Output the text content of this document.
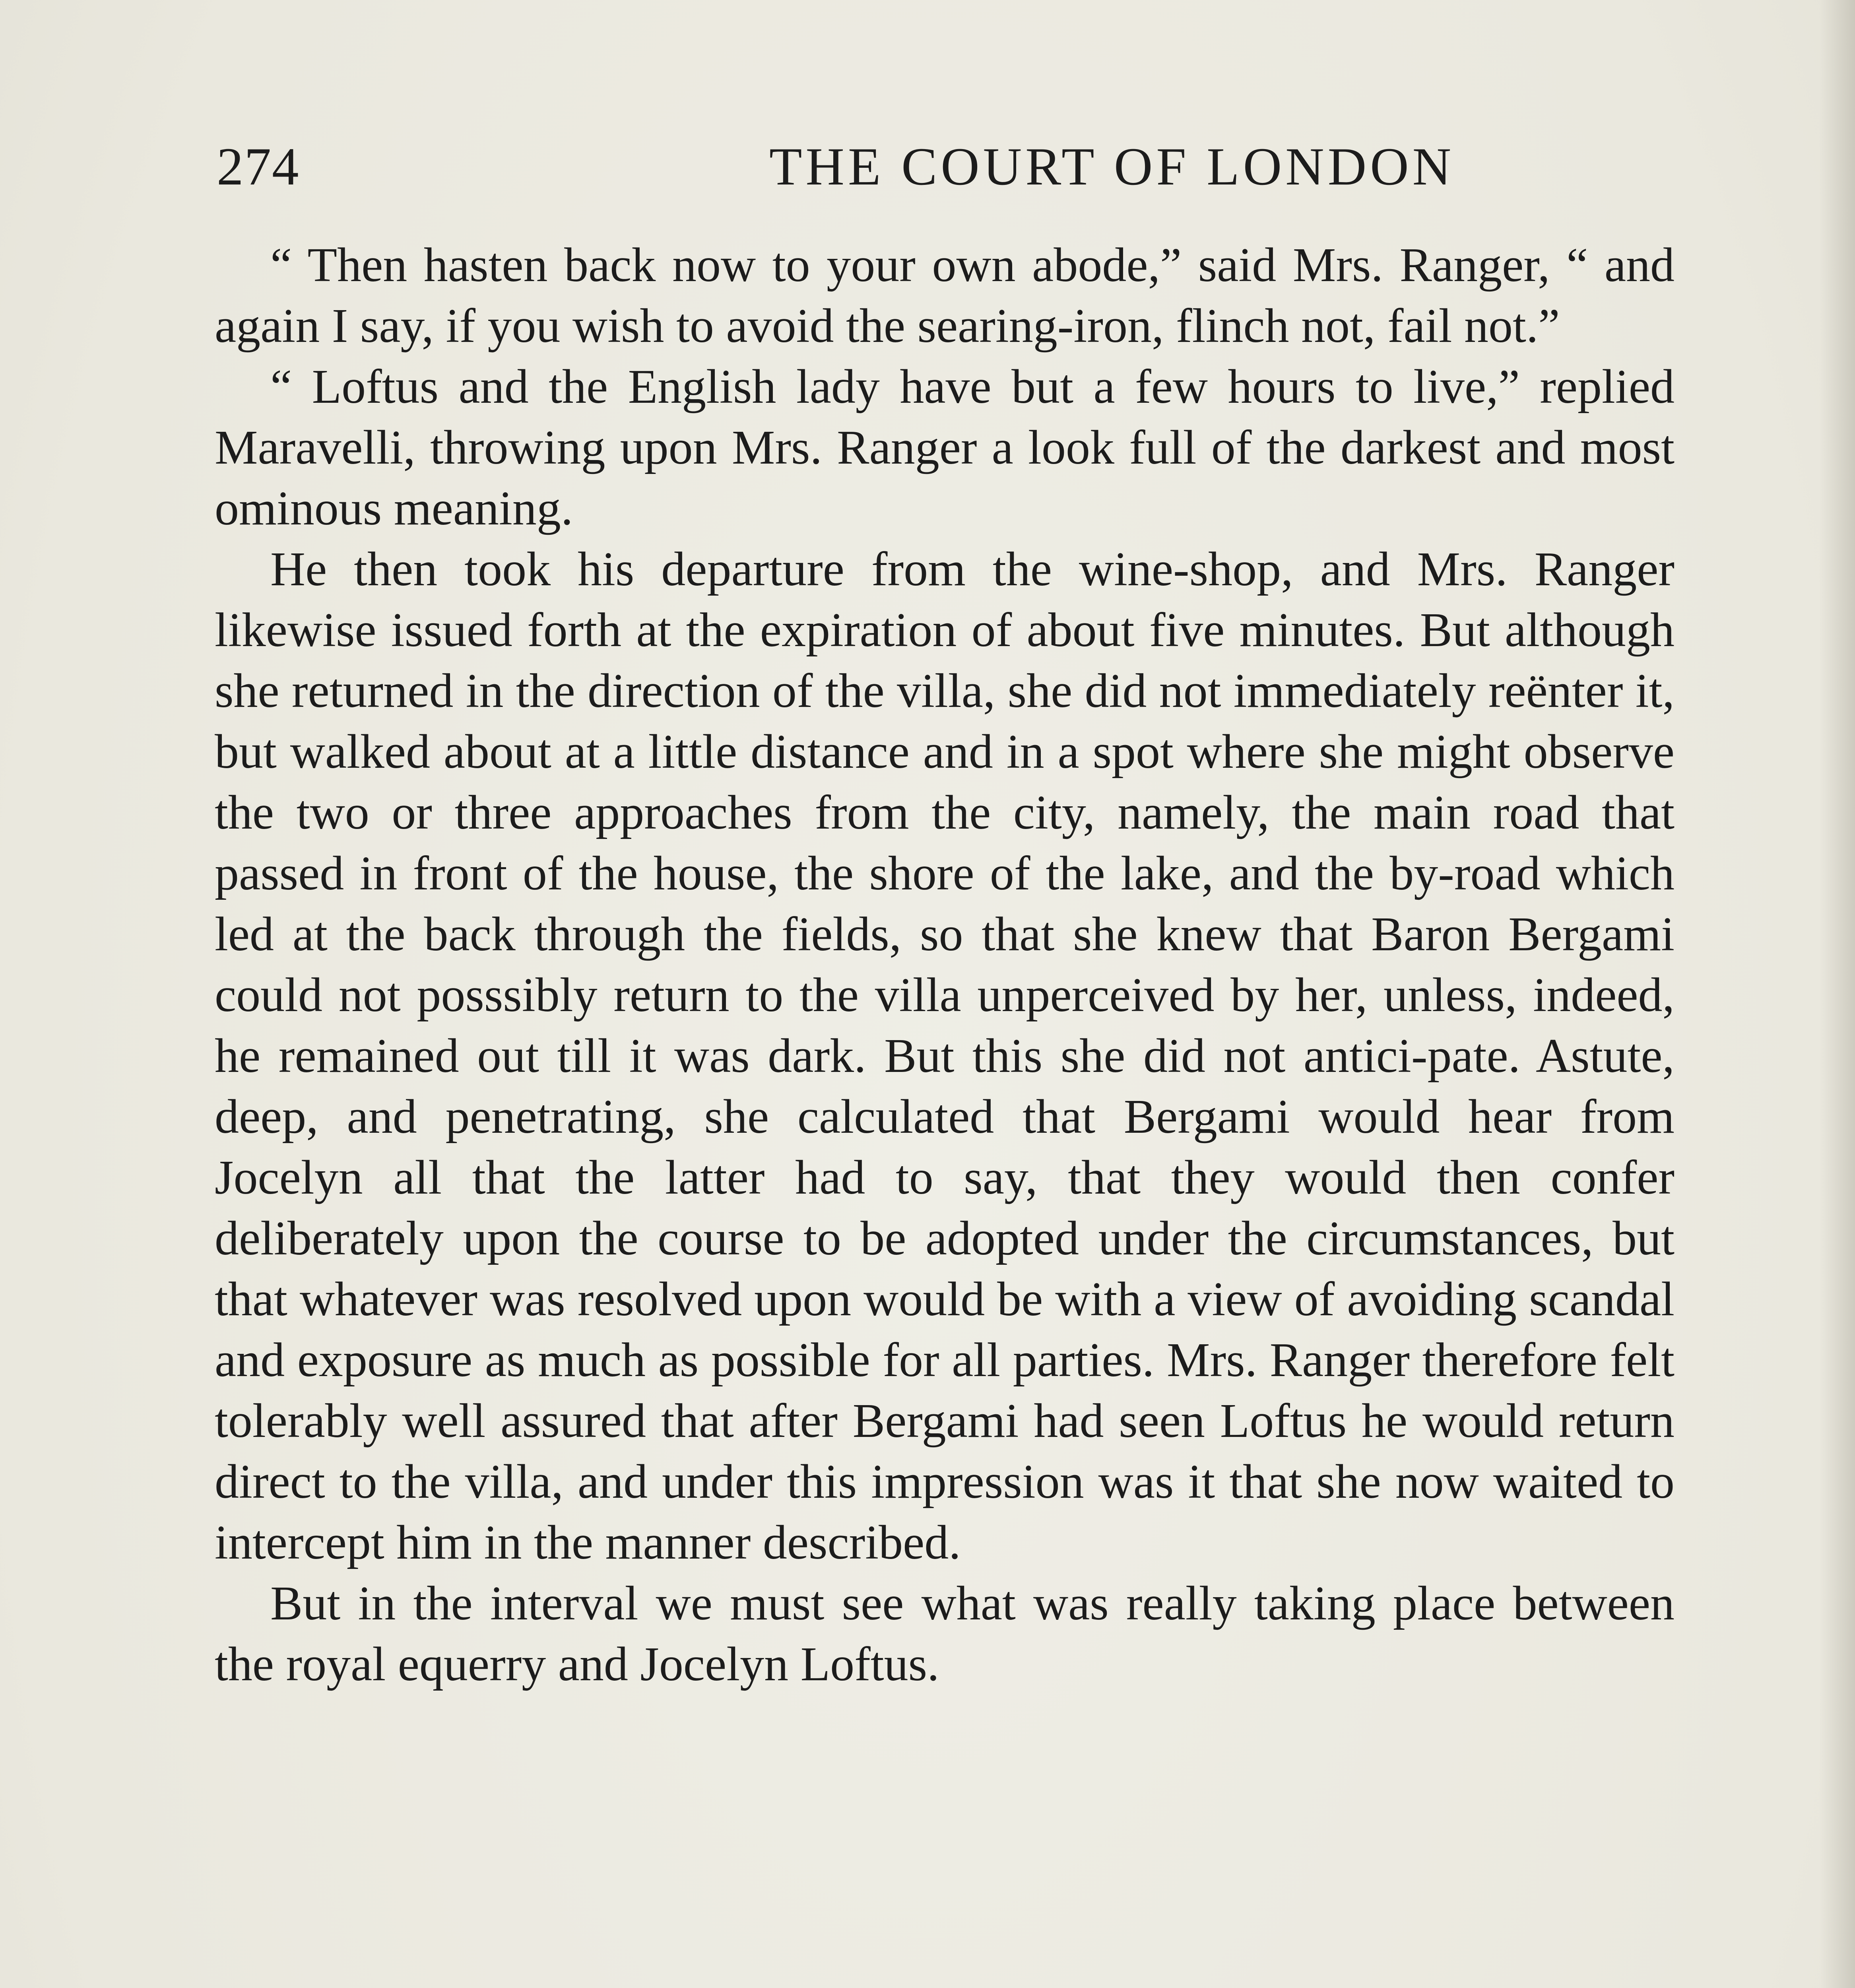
274	THE COURT OF LONDON

“ Then hasten back now to your own abode,” said Mrs. Ranger, “ and again I say, if you wish to avoid the searing-iron, flinch not, fail not.”

“ Loftus and the English lady have but a few hours to live,” replied Maravelli, throwing upon Mrs. Ranger a look full of the darkest and most ominous meaning.

He then took his departure from the wine-shop, and Mrs. Ranger likewise issued forth at the expiration of about five minutes. But although she returned in the direction of the villa, she did not immediately reënter it, but walked about at a little distance and in a spot where she might observe the two or three approaches from the city, namely, the main road that passed in front of the house, the shore of the lake, and the by-road which led at the back through the fields, so that she knew that Baron Bergami could not posssibly return to the villa unperceived by her, unless, indeed, he remained out till it was dark. But this she did not antici-pate. Astute, deep, and penetrating, she calculated that Bergami would hear from Jocelyn all that the latter had to say, that they would then confer deliberately upon the course to be adopted under the circumstances, but that whatever was resolved upon would be with a view of avoiding scandal and exposure as much as possible for all parties. Mrs. Ranger therefore felt tolerably well assured that after Bergami had seen Loftus he would return direct to the villa, and under this impression was it that she now waited to intercept him in the manner described.

But in the interval we must see what was really taking place between the royal equerry and Jocelyn Loftus.
